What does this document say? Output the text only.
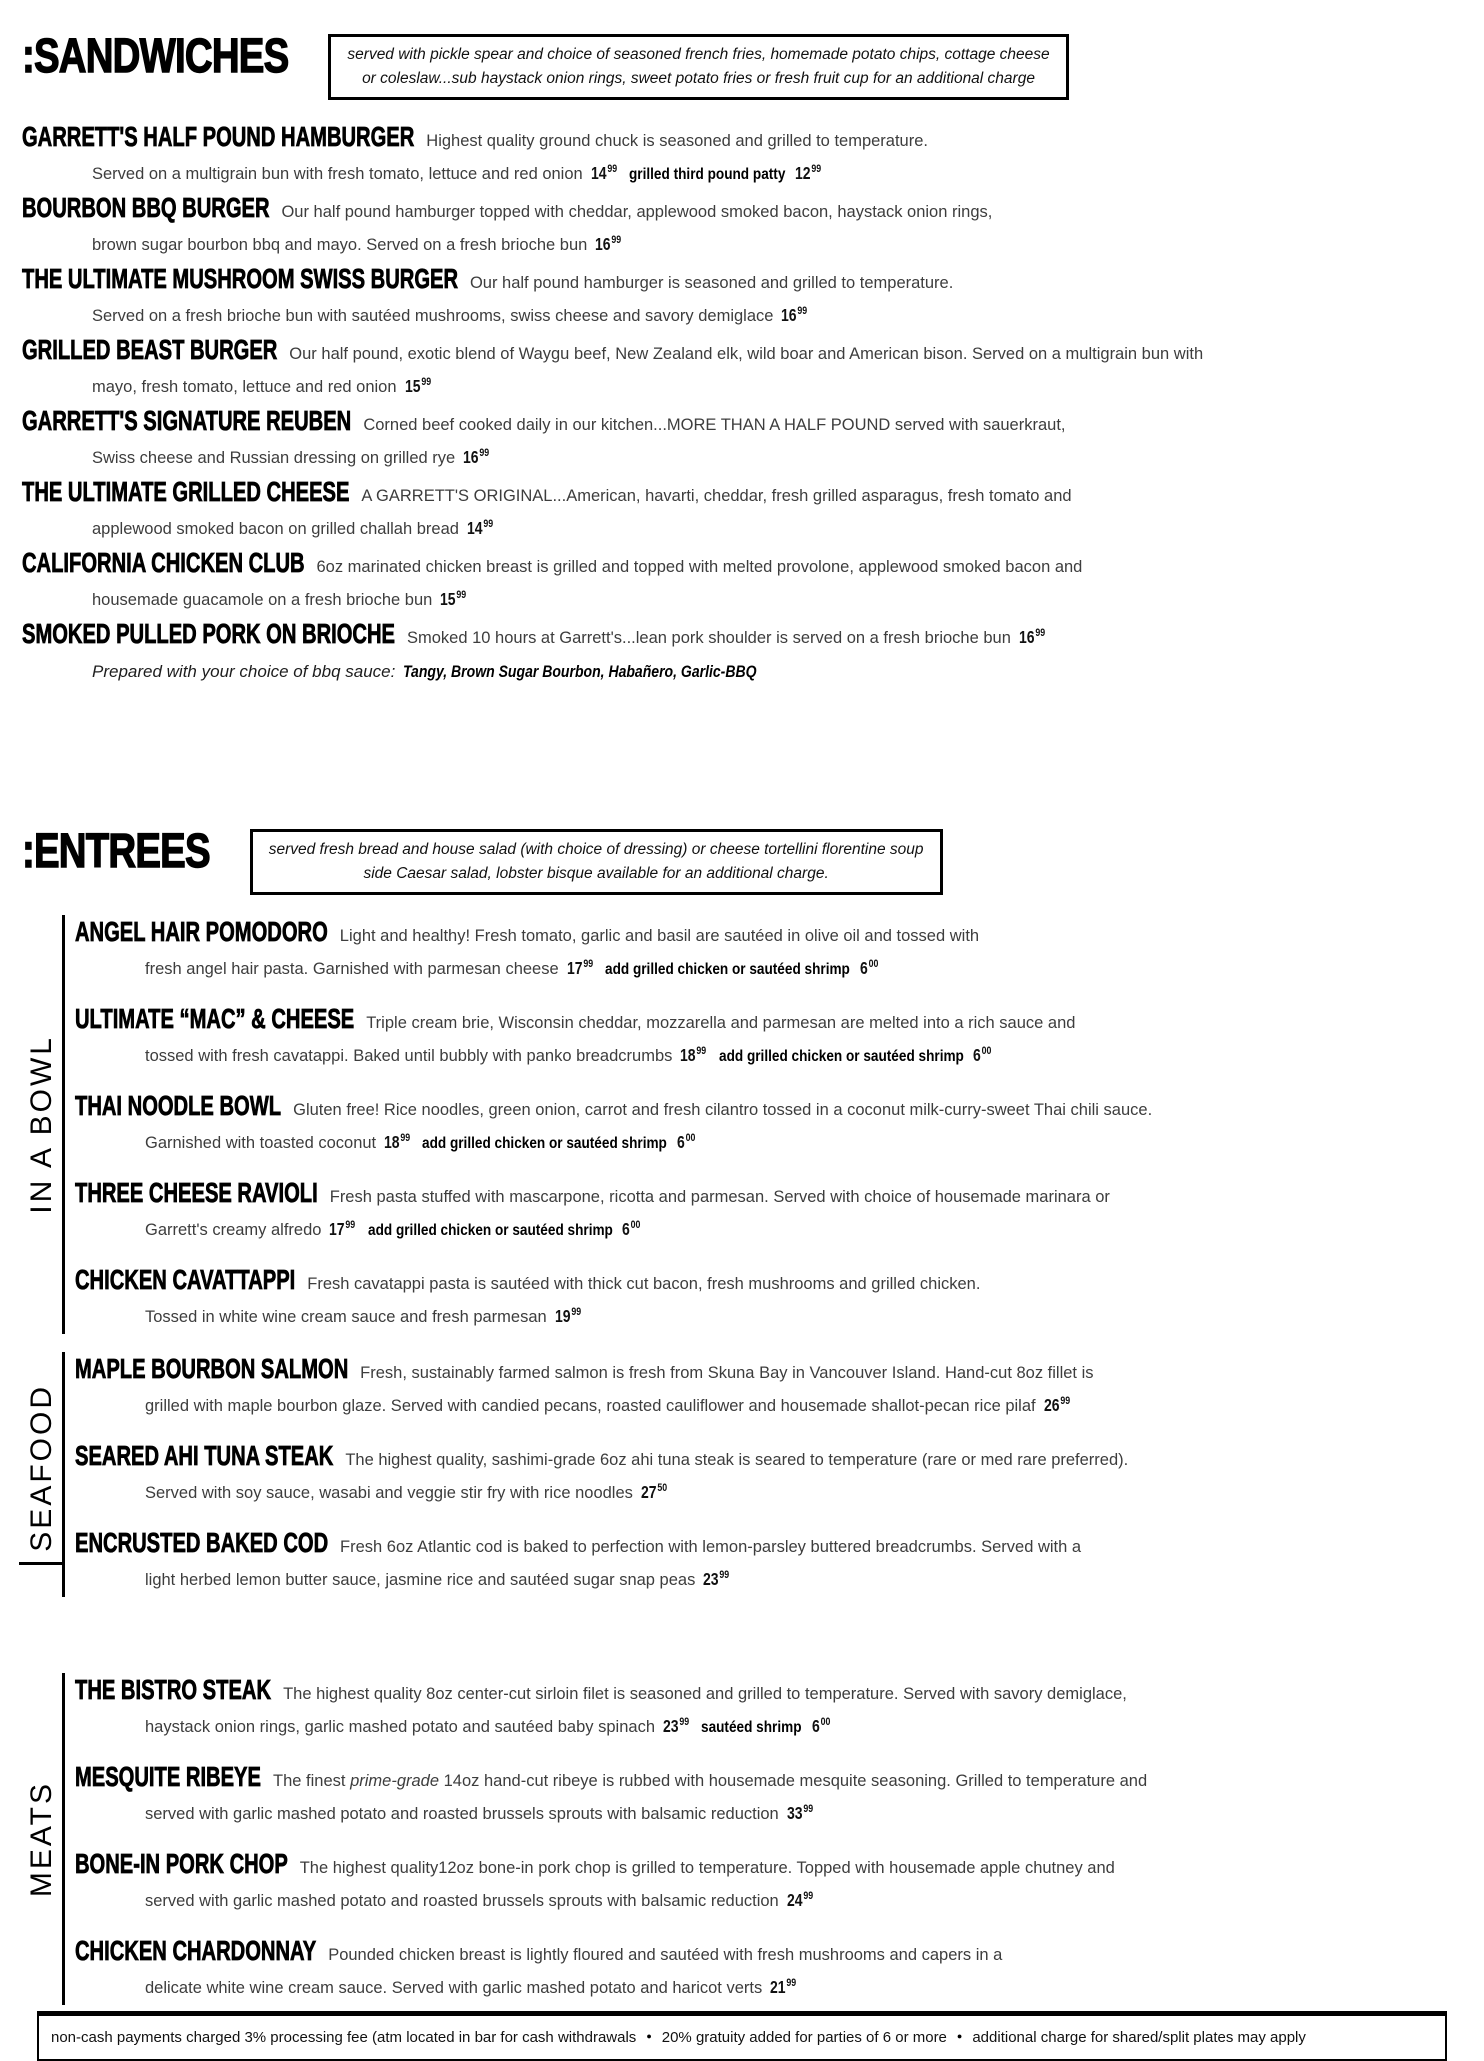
:SANDWICHES	served with pickle spear and choice of seasoned french fries, homemade potato chips, cottage cheese
or coleslaw...sub haystack onion rings, sweet potato fries or fresh fruit cup for an additional charge
GARRETT'S HALF POUND HAMBURGER Highest quality ground chuck is seasoned and grilled to temperature.
Served on a multigrain bun with fresh tomato, lettuce and red onion $14^{99}$ grilled third pound patty $12^{99}$
BOURBON BBQ BURGER Our half pound hamburger topped with cheddar, applewood smoked bacon, haystack onion rings,
brown sugar bourbon bbq and mayo. Served on a fresh brioche bun $16^{99}$
THE ULTIMATE MUSHROOM SWISS BURGER Our half pound hamburger is seasoned and grilled to temperature.
Served on a fresh brioche bun with sautéed mushrooms, swiss cheese and savory demiglace $16^{99}$
GRILLED BEAST BURGER Our half pound, exotic blend of Waygu beef, New Zealand elk, wild boar and American bison. Served on a multigrain bun with
mayo, fresh tomato, lettuce and red onion $15^{99}$
GARRETT'S SIGNATURE REUBEN Corned beef cooked daily in our kitchen...MORE THAN A HALF POUND served with sauerkraut,
Swiss cheese and Russian dressing on grilled rye $16^{99}$
THE ULTIMATE GRILLED CHEESE A GARRETT'S ORIGINAL...American, havarti, cheddar, fresh grilled asparagus, fresh tomato and
applewood smoked bacon on grilled challah bread $14^{99}$
CALIFORNIA CHICKEN CLUB 6oz marinated chicken breast is grilled and topped with melted provolone, applewood smoked bacon and
housemade guacamole on a fresh brioche bun $15^{99}$
SMOKED PULLED PORK ON BRIOCHE Smoked 10 hours at Garrett's...lean pork shoulder is served on a fresh brioche bun $16^{99}$
Prepared with your choice of bbq sauce: Tangy, Brown Sugar Bourbon, Habañero, Garlic-BBQ
:ENTREES	served fresh bread and house salad (with choice of dressing) or cheese tortellini florentine soup
side Caesar salad, lobster bisque available for an additional charge.
IN A BOWL
ANGEL HAIR POMODORO Light and healthy! Fresh tomato, garlic and basil are sautéed in olive oil and tossed with
fresh angel hair pasta. Garnished with parmesan cheese $17^{99}$ add grilled chicken or sautéed shrimp $6^{00}$
ULTIMATE “MAC” & CHEESE Triple cream brie, Wisconsin cheddar, mozzarella and parmesan are melted into a rich sauce and
tossed with fresh cavatappi. Baked until bubbly with panko breadcrumbs $18^{99}$ add grilled chicken or sautéed shrimp $6^{00}$
THAI NOODLE BOWL Gluten free! Rice noodles, green onion, carrot and fresh cilantro tossed in a coconut milk-curry-sweet Thai chili sauce.
Garnished with toasted coconut $18^{99}$ add grilled chicken or sautéed shrimp $6^{00}$
THREE CHEESE RAVIOLI Fresh pasta stuffed with mascarpone, ricotta and parmesan. Served with choice of housemade marinara or
Garrett's creamy alfredo $17^{99}$ add grilled chicken or sautéed shrimp $6^{00}$
CHICKEN CAVATTAPPI Fresh cavatappi pasta is sautéed with thick cut bacon, fresh mushrooms and grilled chicken.
Tossed in white wine cream sauce and fresh parmesan $19^{99}$
SEAFOOD
MAPLE BOURBON SALMON Fresh, sustainably farmed salmon is fresh from Skuna Bay in Vancouver Island. Hand-cut 8oz fillet is
grilled with maple bourbon glaze. Served with candied pecans, roasted cauliflower and housemade shallot-pecan rice pilaf $26^{99}$
SEARED AHI TUNA STEAK The highest quality, sashimi-grade 6oz ahi tuna steak is seared to temperature (rare or med rare preferred).
Served with soy sauce, wasabi and veggie stir fry with rice noodles $27^{50}$
ENCRUSTED BAKED COD Fresh 6oz Atlantic cod is baked to perfection with lemon-parsley buttered breadcrumbs. Served with a
light herbed lemon butter sauce, jasmine rice and sautéed sugar snap peas $23^{99}$
MEATS
THE BISTRO STEAK The highest quality 8oz center-cut sirloin filet is seasoned and grilled to temperature. Served with savory demiglace,
haystack onion rings, garlic mashed potato and sautéed baby spinach $23^{99}$ sautéed shrimp $6^{00}$
MESQUITE RIBEYE The finest prime-grade 14oz hand-cut ribeye is rubbed with housemade mesquite seasoning. Grilled to temperature and
served with garlic mashed potato and roasted brussels sprouts with balsamic reduction $33^{99}$
BONE-IN PORK CHOP The highest quality12oz bone-in pork chop is grilled to temperature. Topped with housemade apple chutney and
served with garlic mashed potato and roasted brussels sprouts with balsamic reduction $24^{99}$
CHICKEN CHARDONNAY Pounded chicken breast is lightly floured and sautéed with fresh mushrooms and capers in a
delicate white wine cream sauce. Served with garlic mashed potato and haricot verts $21^{99}$
non-cash payments charged 3% processing fee (atm located in bar for cash withdrawals ● 20% gratuity added for parties of 6 or more ● additional charge for shared/split plates may apply
